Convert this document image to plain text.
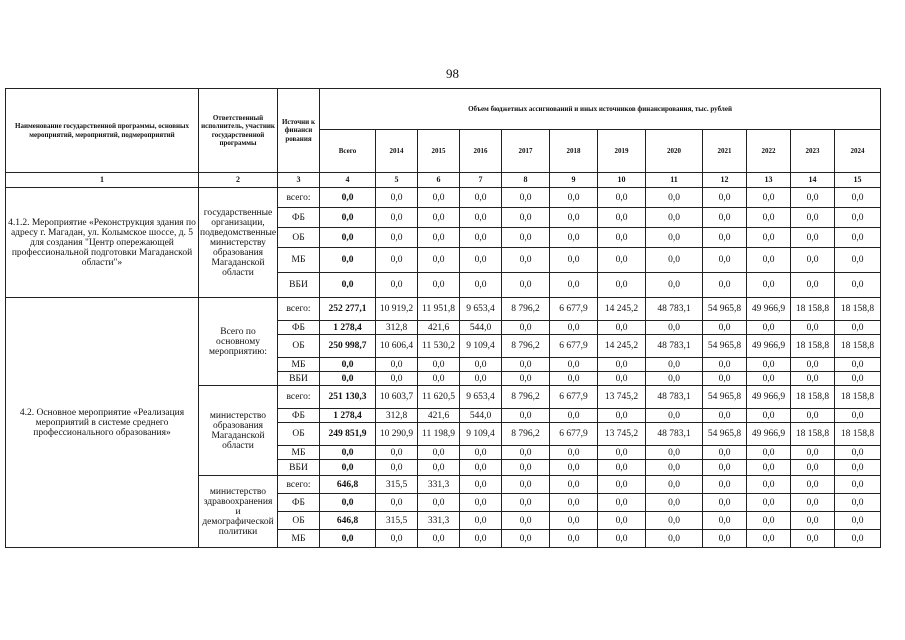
98
Наименование государственной программы, основных мероприятий, мероприятий, подмероприятий	Ответственный исполнитель, участник государственной программы	Источни к финанси рования	Объем бюджетных ассигнований и иных источников финансирования, тыс. рублей											
			Всего	2014	2015	2016	2017	2018	2019	2020	2021	2022	2023	2024
1	2	3	4	5	6	7	8	9	10	11	12	13	14	15
4.1.2. Мероприятие «Реконструкция здания по адресу г. Магадан, ул. Колымское шоссе, д. 5 для создания "Центр опережающей профессиональной подготовки Магаданской области"»	государственные организации, подведомственные министерству образования Магаданской области	всего:	0,0	0,0	0,0	0,0	0,0	0,0	0,0	0,0	0,0	0,0	0,0	0,0
		ФБ	0,0	0,0	0,0	0,0	0,0	0,0	0,0	0,0	0,0	0,0	0,0	0,0
		ОБ	0,0	0,0	0,0	0,0	0,0	0,0	0,0	0,0	0,0	0,0	0,0	0,0
		МБ	0,0	0,0	0,0	0,0	0,0	0,0	0,0	0,0	0,0	0,0	0,0	0,0
		ВБИ	0,0	0,0	0,0	0,0	0,0	0,0	0,0	0,0	0,0	0,0	0,0	0,0
4.2. Основное мероприятие «Реализация мероприятий в системе среднего профессионального образования»	Всего по основному мероприятию:	всего:	252 277,1	10 919,2	11 951,8	9 653,4	8 796,2	6 677,9	14 245,2	48 783,1	54 965,8	49 966,9	18 158,8	18 158,8
		ФБ	1 278,4	312,8	421,6	544,0	0,0	0,0	0,0	0,0	0,0	0,0	0,0	0,0
		ОБ	250 998,7	10 606,4	11 530,2	9 109,4	8 796,2	6 677,9	14 245,2	48 783,1	54 965,8	49 966,9	18 158,8	18 158,8
		МБ	0,0	0,0	0,0	0,0	0,0	0,0	0,0	0,0	0,0	0,0	0,0	0,0
		ВБИ	0,0	0,0	0,0	0,0	0,0	0,0	0,0	0,0	0,0	0,0	0,0	0,0
	министерство образования Магаданской области	всего:	251 130,3	10 603,7	11 620,5	9 653,4	8 796,2	6 677,9	13 745,2	48 783,1	54 965,8	49 966,9	18 158,8	18 158,8
		ФБ	1 278,4	312,8	421,6	544,0	0,0	0,0	0,0	0,0	0,0	0,0	0,0	0,0
		ОБ	249 851,9	10 290,9	11 198,9	9 109,4	8 796,2	6 677,9	13 745,2	48 783,1	54 965,8	49 966,9	18 158,8	18 158,8
		МБ	0,0	0,0	0,0	0,0	0,0	0,0	0,0	0,0	0,0	0,0	0,0	0,0
		ВБИ	0,0	0,0	0,0	0,0	0,0	0,0	0,0	0,0	0,0	0,0	0,0	0,0
	министерство здравоохранения и демографической политики	всего:	646,8	315,5	331,3	0,0	0,0	0,0	0,0	0,0	0,0	0,0	0,0	0,0
		ФБ	0,0	0,0	0,0	0,0	0,0	0,0	0,0	0,0	0,0	0,0	0,0	0,0
		ОБ	646,8	315,5	331,3	0,0	0,0	0,0	0,0	0,0	0,0	0,0	0,0	0,0
		МБ	0,0	0,0	0,0	0,0	0,0	0,0	0,0	0,0	0,0	0,0	0,0	0,0
